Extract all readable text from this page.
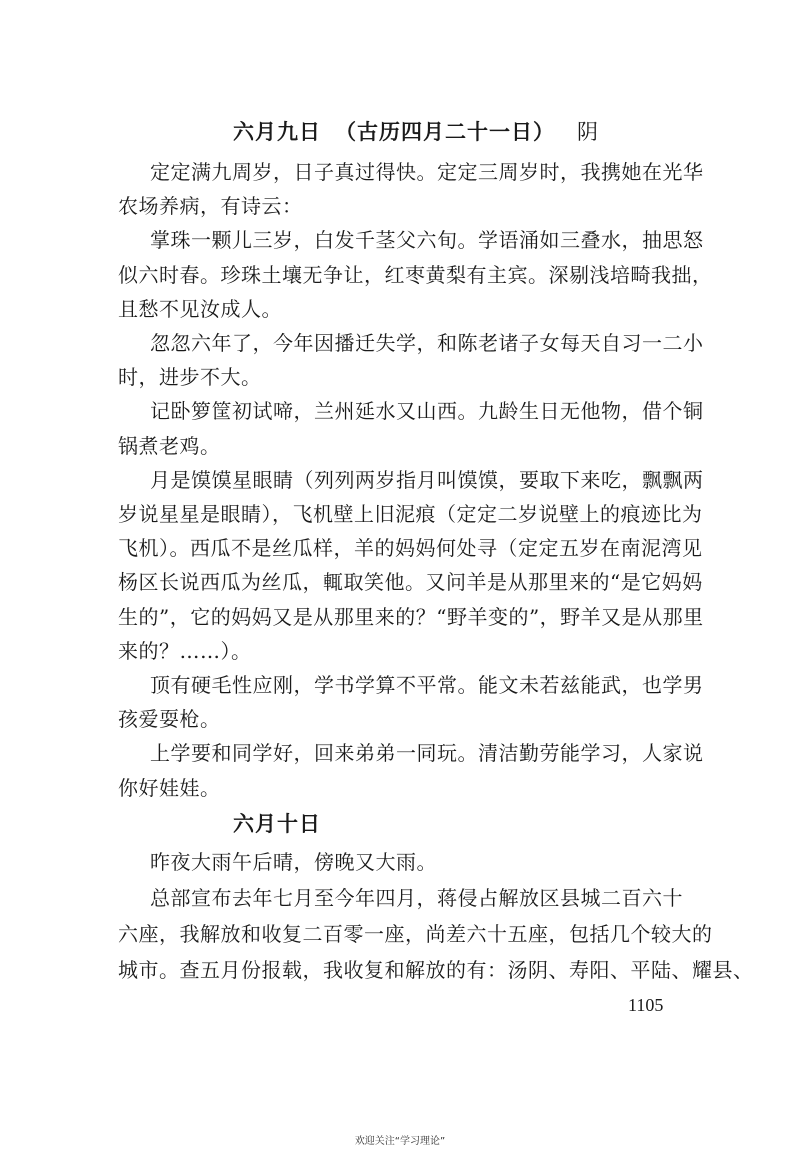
六月九日 （古历四月二十一日） 阴
定定满九周岁，日子真过得快。定定三周岁时，我携她在光华
农场养病，有诗云：
掌珠一颗儿三岁，白发千茎父六旬。学语涌如三叠水，抽思怒
似六时春。珍珠土壤无争让，红枣黄梨有主宾。深剔浅培畸我拙，
且愁不见汝成人。
忽忽六年了，今年因播迁失学，和陈老诸子女每天自习一二小
时，进步不大。
记卧箩筐初试啼，兰州延水又山西。九龄生日无他物，借个铜
锅煮老鸡。
月是馍馍星眼睛（列列两岁指月叫馍馍，要取下来吃，飘飘两
岁说星星是眼睛），飞机壁上旧泥痕（定定二岁说壁上的痕迹比为
飞机）。西瓜不是丝瓜样，羊的妈妈何处寻（定定五岁在南泥湾见
杨区长说西瓜为丝瓜，輒取笑他。又问羊是从那里来的“是它妈妈
生的”，它的妈妈又是从那里来的？“野羊变的”，野羊又是从那里
来的？……）。
顶有硬毛性应刚，学书学算不平常。能文未若兹能武，也学男
孩爱耍枪。
上学要和同学好，回来弟弟一同玩。清洁勤劳能学习，人家说
六月十日
昨夜大雨午后晴，傍晚又大雨。
总部宣布去年七月至今年四月，蒋侵占解放区县城二百六十
六座，我解放和收复二百零一座，尚差六十五座，包括几个较大的
城市。查五月份报载，我收复和解放的有：汤阴、寿阳、平陆、耀县、
1105
欢迎关注“学习理论”
你好娃娃。
